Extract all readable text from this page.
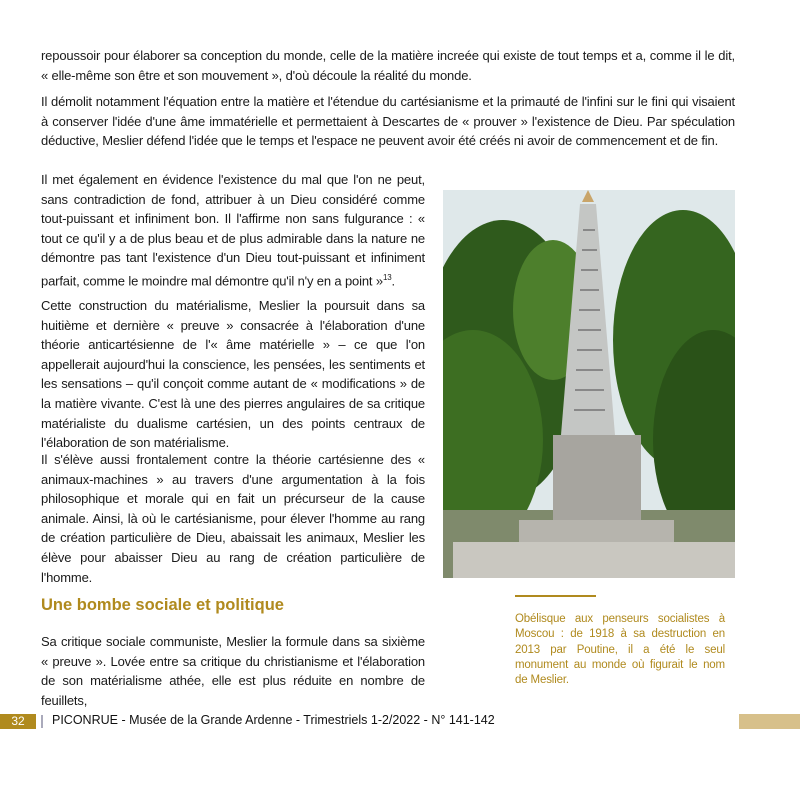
repoussoir pour élaborer sa conception du monde, celle de la matière increée qui existe de tout temps et a, comme il le dit, « elle-même son être et son mouvement », d'où découle la réalité du monde.

Il démolit notamment l'équation entre la matière et l'étendue du cartésianisme et la primauté de l'infini sur le fini qui visaient à conserver l'idée d'une âme immatérielle et permettaient à Descartes de « prouver » l'existence de Dieu. Par spéculation déductive, Meslier défend l'idée que le temps et l'espace ne peuvent avoir été créés ni avoir de commencement et de fin.

Il met également en évidence l'existence du mal que l'on ne peut, sans contradiction de fond, attribuer à un Dieu considéré comme tout-puissant et infiniment bon. Il l'affirme non sans fulgurance : « tout ce qu'il y a de plus beau et de plus admirable dans la nature ne démontre pas tant l'existence d'un Dieu tout-puissant et infiniment parfait, comme le moindre mal démontre qu'il n'y en a point »$^{13}$.

Cette construction du matérialisme, Meslier la poursuit dans sa huitième et dernière « preuve » consacrée à l'élaboration d'une théorie anticartésienne de l'« âme matérielle » – ce que l'on appellerait aujourd'hui la conscience, les pensées, les sentiments et les sensations – qu'il conçoit comme autant de « modifications » de la matière vivante. C'est là une des pierres angulaires de sa critique matérialiste du dualisme cartésien, un des points centraux de l'élaboration de son matérialisme.

Il s'élève aussi frontalement contre la théorie cartésienne des « animaux-machines » au travers d'une argumentation à la fois philosophique et morale qui en fait un précurseur de la cause animale. Ainsi, là où le cartésianisme, pour élever l'homme au rang de création particulière de Dieu, abaissait les animaux, Meslier les élève pour abaisser Dieu au rang de création particulière de l'homme.

Une bombe sociale et politique

Sa critique sociale communiste, Meslier la formule dans sa sixième « preuve ». Lovée entre sa critique du christianisme et l'élaboration de son matérialisme athée, elle est plus réduite en nombre de feuillets,

Obélisque aux penseurs socialistes à Moscou : de 1918 à sa destruction en 2013 par Poutine, il a été le seul monument au monde où figurait le nom de Meslier.

32	PICONRUE - Musée de la Grande Ardenne - Trimestriels 1-2/2022 - N° 141-142
